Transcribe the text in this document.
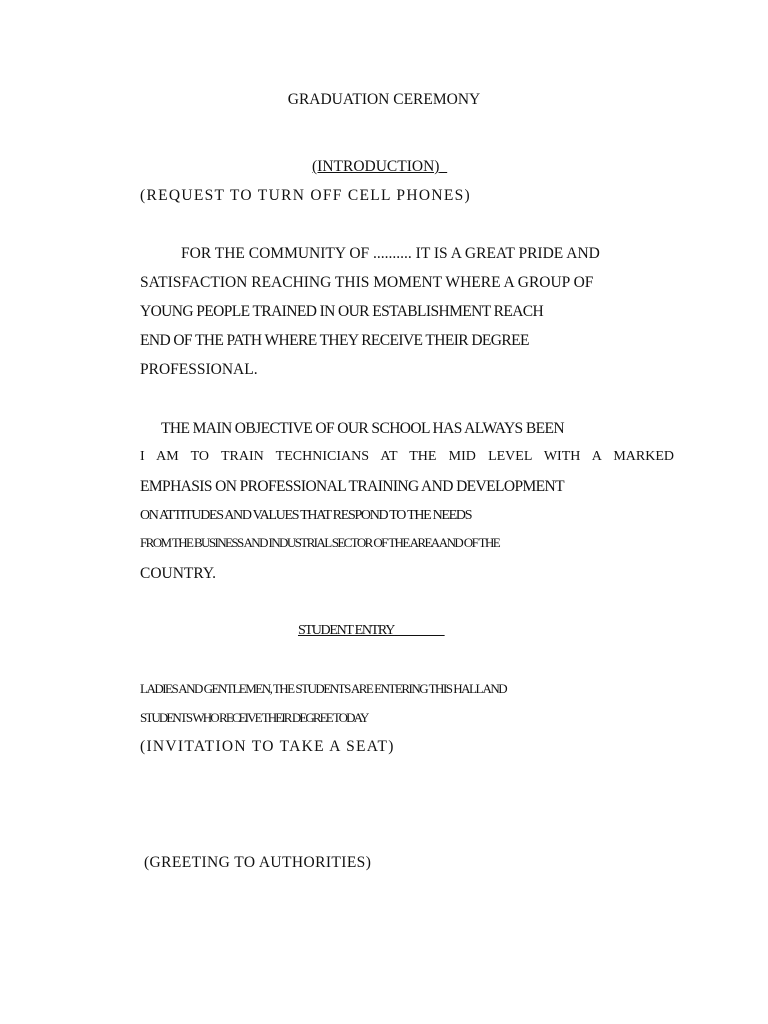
GRADUATION CEREMONY
(INTRODUCTION)
(REQUEST TO TURN OFF CELL PHONES)
FOR THE COMMUNITY OF .......... IT IS A GREAT PRIDE AND
SATISFACTION REACHING THIS MOMENT WHERE A GROUP OF
YOUNG PEOPLE TRAINED IN OUR ESTABLISHMENT REACH
END OF THE PATH WHERE THEY RECEIVE THEIR DEGREE
PROFESSIONAL.
THE MAIN OBJECTIVE OF OUR SCHOOL HAS ALWAYS BEEN
I AM TO TRAIN TECHNICIANS AT THE MID LEVEL WITH A MARKED
EMPHASIS ON PROFESSIONAL TRAINING AND DEVELOPMENT
ON ATTITUDES AND VALUES THAT RESPOND TO THE NEEDS
FROM THE BUSINESS AND INDUSTRIAL SECTOR OF THE AREA AND OF THE
COUNTRY.
STUDENT ENTRY
LADIES AND GENTLEMEN, THE STUDENTS ARE ENTERING THIS HALL AND
STUDENTS WHO RECEIVE THEIR DEGREE TODAY
(INVITATION TO TAKE A SEAT)
(GREETING TO AUTHORITIES)
